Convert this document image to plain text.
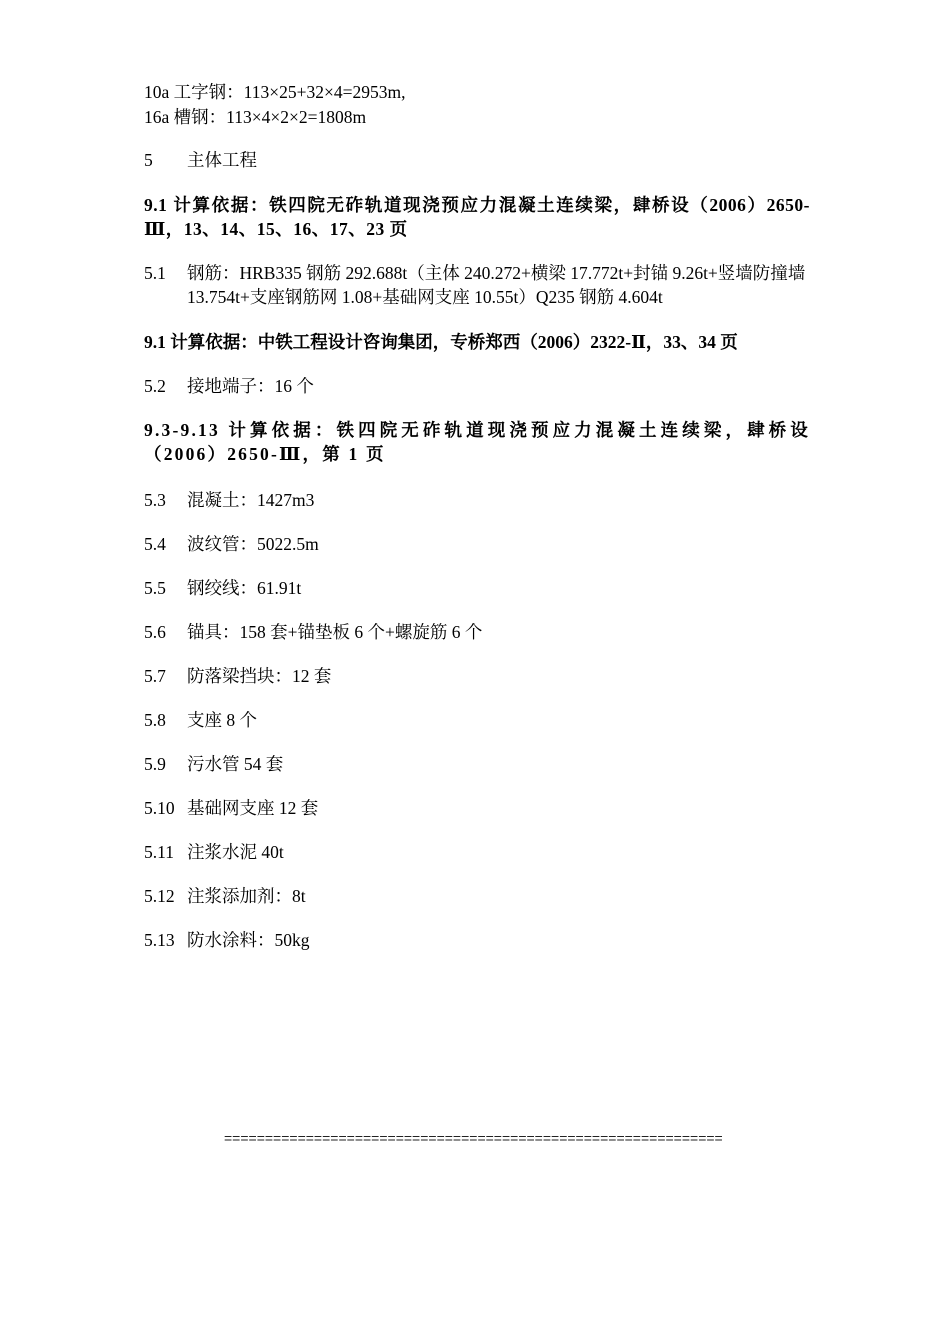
10a 工字钢：113×25+32×4=2953m,
16a 槽钢：113×4×2×2=1808m
5 主体工程
9.1 计算依据：铁四院无砟轨道现浇预应力混凝土连续梁，肆桥设（2006）2650-Ⅲ，13、14、15、16、17、23 页
5.1	钢筋：HRB335 钢筋 292.688t（主体 240.272+横梁 17.772t+封锚 9.26t+竖墙防撞墙 13.754t+支座钢筋网 1.08+基础网支座 10.55t）Q235 钢筋 4.604t
9.1 计算依据：中铁工程设计咨询集团，专桥郑西（2006）2322-Ⅱ，33、34 页
5.2 接地端子：16 个
9.3-9.13 计算依据：铁四院无砟轨道现浇预应力混凝土连续梁，肆桥设（2006）2650-Ⅲ，第 1 页
5.3 混凝土：1427m3
5.4 波纹管：5022.5m
5.5 钢绞线：61.91t
5.6 锚具：158 套+锚垫板 6 个+螺旋筋 6 个
5.7 防落梁挡块：12 套
5.8 支座 8 个
5.9 污水管 54 套
5.10 基础网支座 12 套
5.11 注浆水泥 40t
5.12 注浆添加剂：8t
5.13 防水涂料：50kg
=============================================================
